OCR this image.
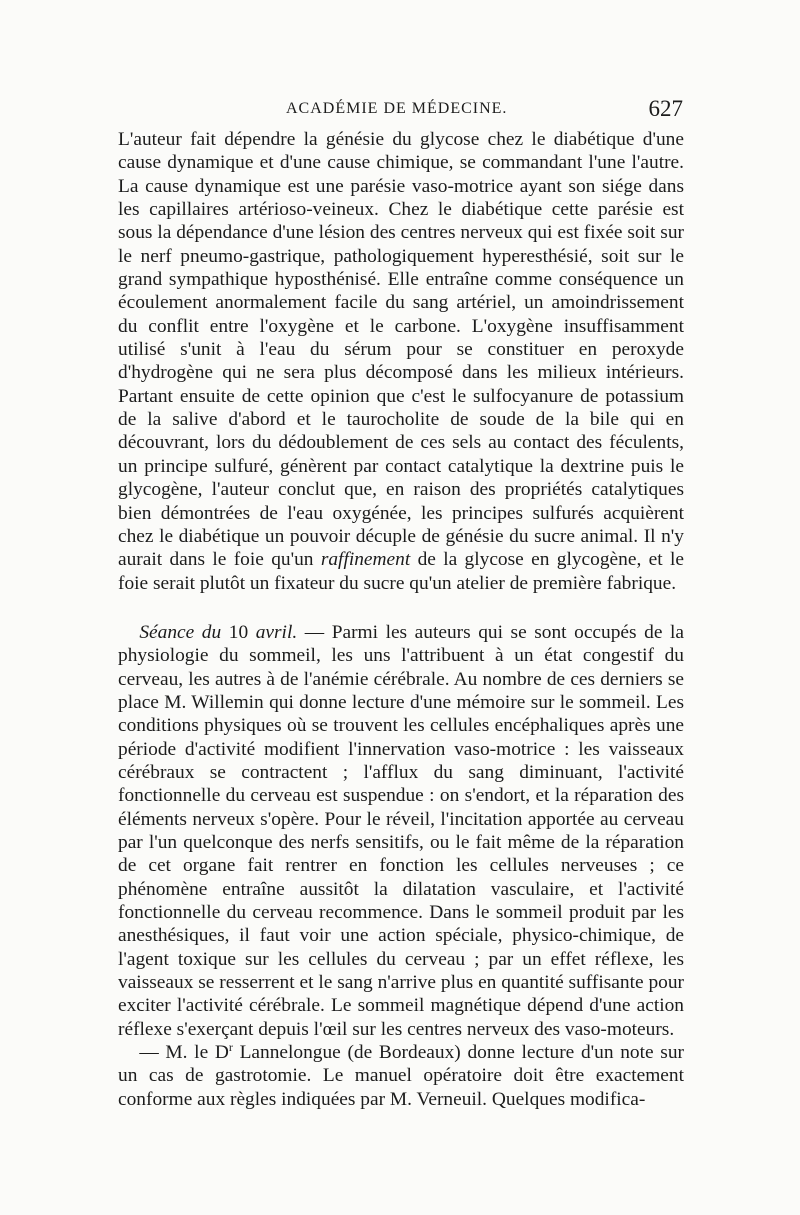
ACADÉMIE DE MÉDECINE.	627

L'auteur fait dépendre la génésie du glycose chez le diabétique d'une cause dynamique et d'une cause chimique, se commandant l'une l'autre. La cause dynamique est une parésie vaso-motrice ayant son siége dans les capillaires artérioso-veineux. Chez le diabétique cette parésie est sous la dépendance d'une lésion des centres nerveux qui est fixée soit sur le nerf pneumo-gastrique, pathologiquement hyperesthésié, soit sur le grand sympathique hyposthénisé. Elle entraîne comme conséquence un écoulement anormalement facile du sang artériel, un amoindrissement du conflit entre l'oxygène et le carbone. L'oxygène insuffisamment utilisé s'unit à l'eau du sérum pour se constituer en peroxyde d'hydrogène qui ne sera plus décomposé dans les milieux intérieurs. Partant ensuite de cette opinion que c'est le sulfocyanure de potassium de la salive d'abord et le taurocholite de soude de la bile qui en découvrant, lors du dédoublement de ces sels au contact des féculents, un principe sulfuré, génèrent par contact catalytique la dextrine puis le glycogène, l'auteur conclut que, en raison des propriétés catalytiques bien démontrées de l'eau oxygénée, les principes sulfurés acquièrent chez le diabétique un pouvoir décuple de génésie du sucre animal. Il n'y aurait dans le foie qu'un raffinement de la glycose en glycogène, et le foie serait plutôt un fixateur du sucre qu'un atelier de première fabrique.

Séance du 10 avril. — Parmi les auteurs qui se sont occupés de la physiologie du sommeil, les uns l'attribuent à un état congestif du cerveau, les autres à de l'anémie cérébrale. Au nombre de ces derniers se place M. Willemin qui donne lecture d'une mémoire sur le sommeil. Les conditions physiques où se trouvent les cellules encéphaliques après une période d'activité modifient l'innervation vaso-motrice : les vaisseaux cérébraux se contractent ; l'afflux du sang diminuant, l'activité fonctionnelle du cerveau est suspendue : on s'endort, et la réparation des éléments nerveux s'opère. Pour le réveil, l'incitation apportée au cerveau par l'un quelconque des nerfs sensitifs, ou le fait même de la réparation de cet organe fait rentrer en fonction les cellules nerveuses ; ce phénomène entraîne aussitôt la dilatation vasculaire, et l'activité fonctionnelle du cerveau recommence. Dans le sommeil produit par les anesthésiques, il faut voir une action spéciale, physico-chimique, de l'agent toxique sur les cellules du cerveau ; par un effet réflexe, les vaisseaux se resserrent et le sang n'arrive plus en quantité suffisante pour exciter l'activité cérébrale. Le sommeil magnétique dépend d'une action réflexe s'exerçant depuis l'œil sur les centres nerveux des vaso-moteurs.

— M. le $D^r$ Lannelongue (de Bordeaux) donne lecture d'un note sur un cas de gastrotomie. Le manuel opératoire doit être exactement conforme aux règles indiquées par M. Verneuil. Quelques modifica-
